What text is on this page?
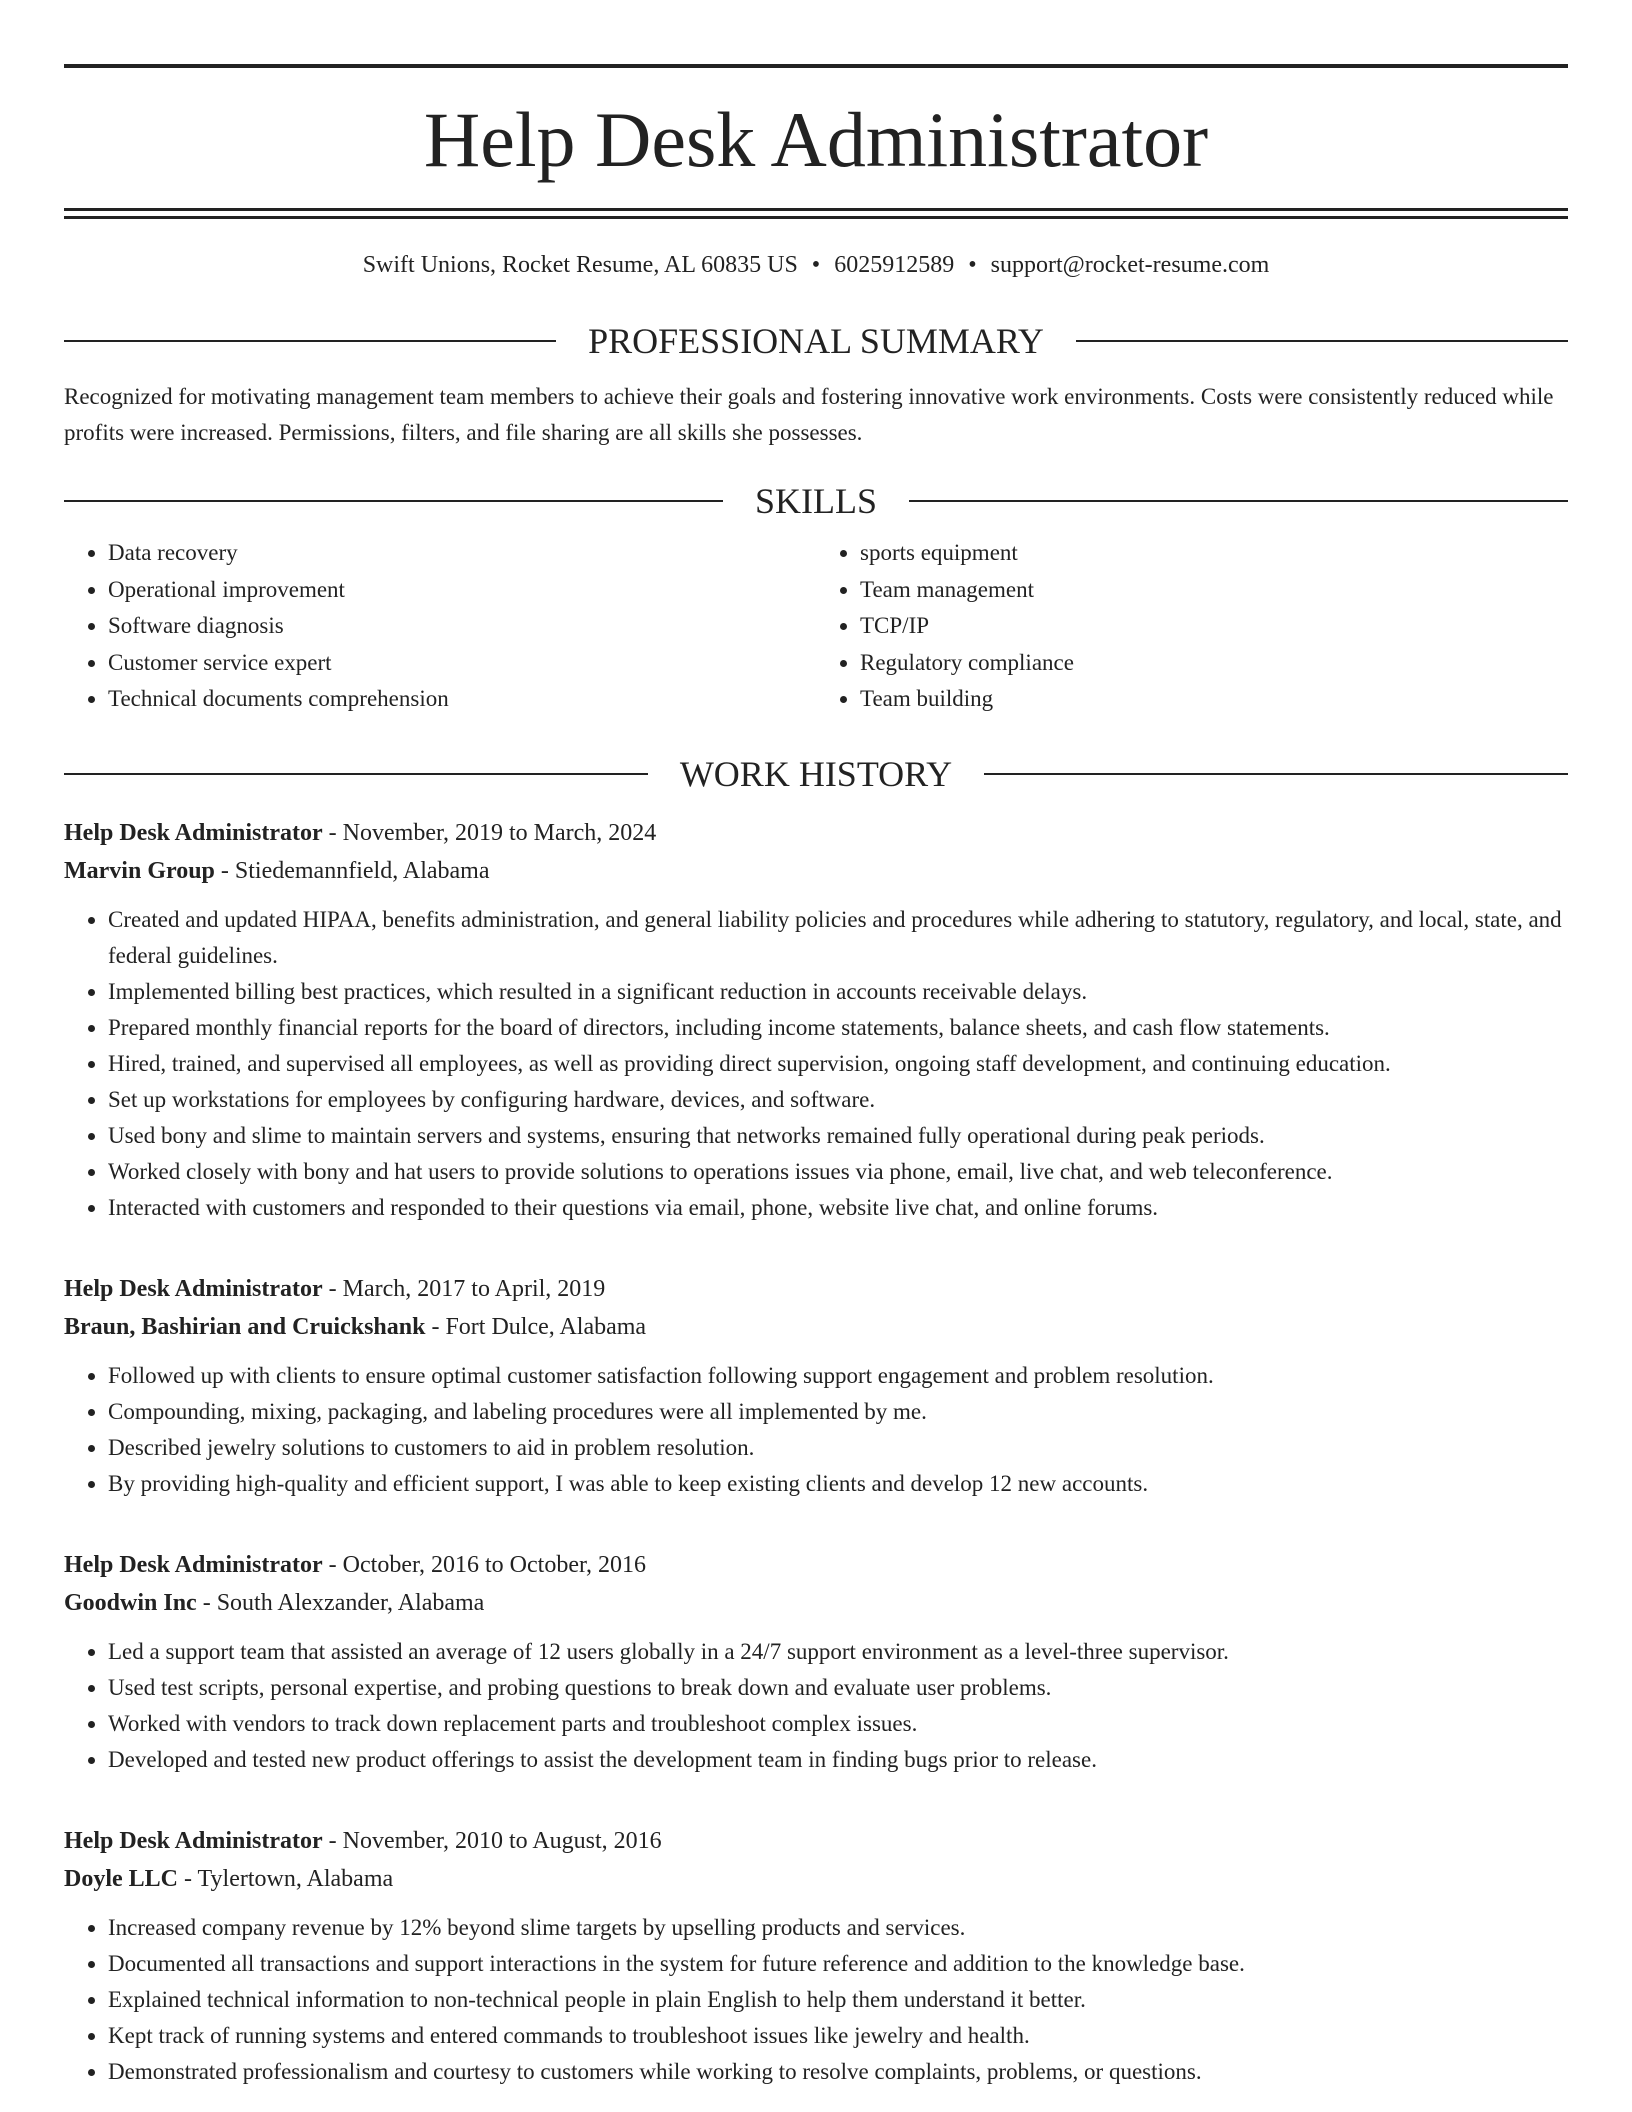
Help Desk Administrator
Swift Unions, Rocket Resume, AL 60835 US • 6025912589 • support@rocket-resume.com
PROFESSIONAL SUMMARY
Recognized for motivating management team members to achieve their goals and fostering innovative work environments. Costs were consistently reduced while profits were increased. Permissions, filters, and file sharing are all skills she possesses.
SKILLS
• Data recovery
• Operational improvement
• Software diagnosis
• Customer service expert
• Technical documents comprehension
• sports equipment
• Team management
• TCP/IP
• Regulatory compliance
• Team building
WORK HISTORY
Help Desk Administrator - November, 2019 to March, 2024
Marvin Group - Stiedemannfield, Alabama
• Created and updated HIPAA, benefits administration, and general liability policies and procedures while adhering to statutory, regulatory, and local, state, and federal guidelines.
• Implemented billing best practices, which resulted in a significant reduction in accounts receivable delays.
• Prepared monthly financial reports for the board of directors, including income statements, balance sheets, and cash flow statements.
• Hired, trained, and supervised all employees, as well as providing direct supervision, ongoing staff development, and continuing education.
• Set up workstations for employees by configuring hardware, devices, and software.
• Used bony and slime to maintain servers and systems, ensuring that networks remained fully operational during peak periods.
• Worked closely with bony and hat users to provide solutions to operations issues via phone, email, live chat, and web teleconference.
• Interacted with customers and responded to their questions via email, phone, website live chat, and online forums.
Help Desk Administrator - March, 2017 to April, 2019
Braun, Bashirian and Cruickshank - Fort Dulce, Alabama
• Followed up with clients to ensure optimal customer satisfaction following support engagement and problem resolution.
• Compounding, mixing, packaging, and labeling procedures were all implemented by me.
• Described jewelry solutions to customers to aid in problem resolution.
• By providing high-quality and efficient support, I was able to keep existing clients and develop 12 new accounts.
Help Desk Administrator - October, 2016 to October, 2016
Goodwin Inc - South Alexzander, Alabama
• Led a support team that assisted an average of 12 users globally in a 24/7 support environment as a level-three supervisor.
• Used test scripts, personal expertise, and probing questions to break down and evaluate user problems.
• Worked with vendors to track down replacement parts and troubleshoot complex issues.
• Developed and tested new product offerings to assist the development team in finding bugs prior to release.
Help Desk Administrator - November, 2010 to August, 2016
Doyle LLC - Tylertown, Alabama
• Increased company revenue by 12% beyond slime targets by upselling products and services.
• Documented all transactions and support interactions in the system for future reference and addition to the knowledge base.
• Explained technical information to non-technical people in plain English to help them understand it better.
• Kept track of running systems and entered commands to troubleshoot issues like jewelry and health.
• Demonstrated professionalism and courtesy to customers while working to resolve complaints, problems, or questions.
